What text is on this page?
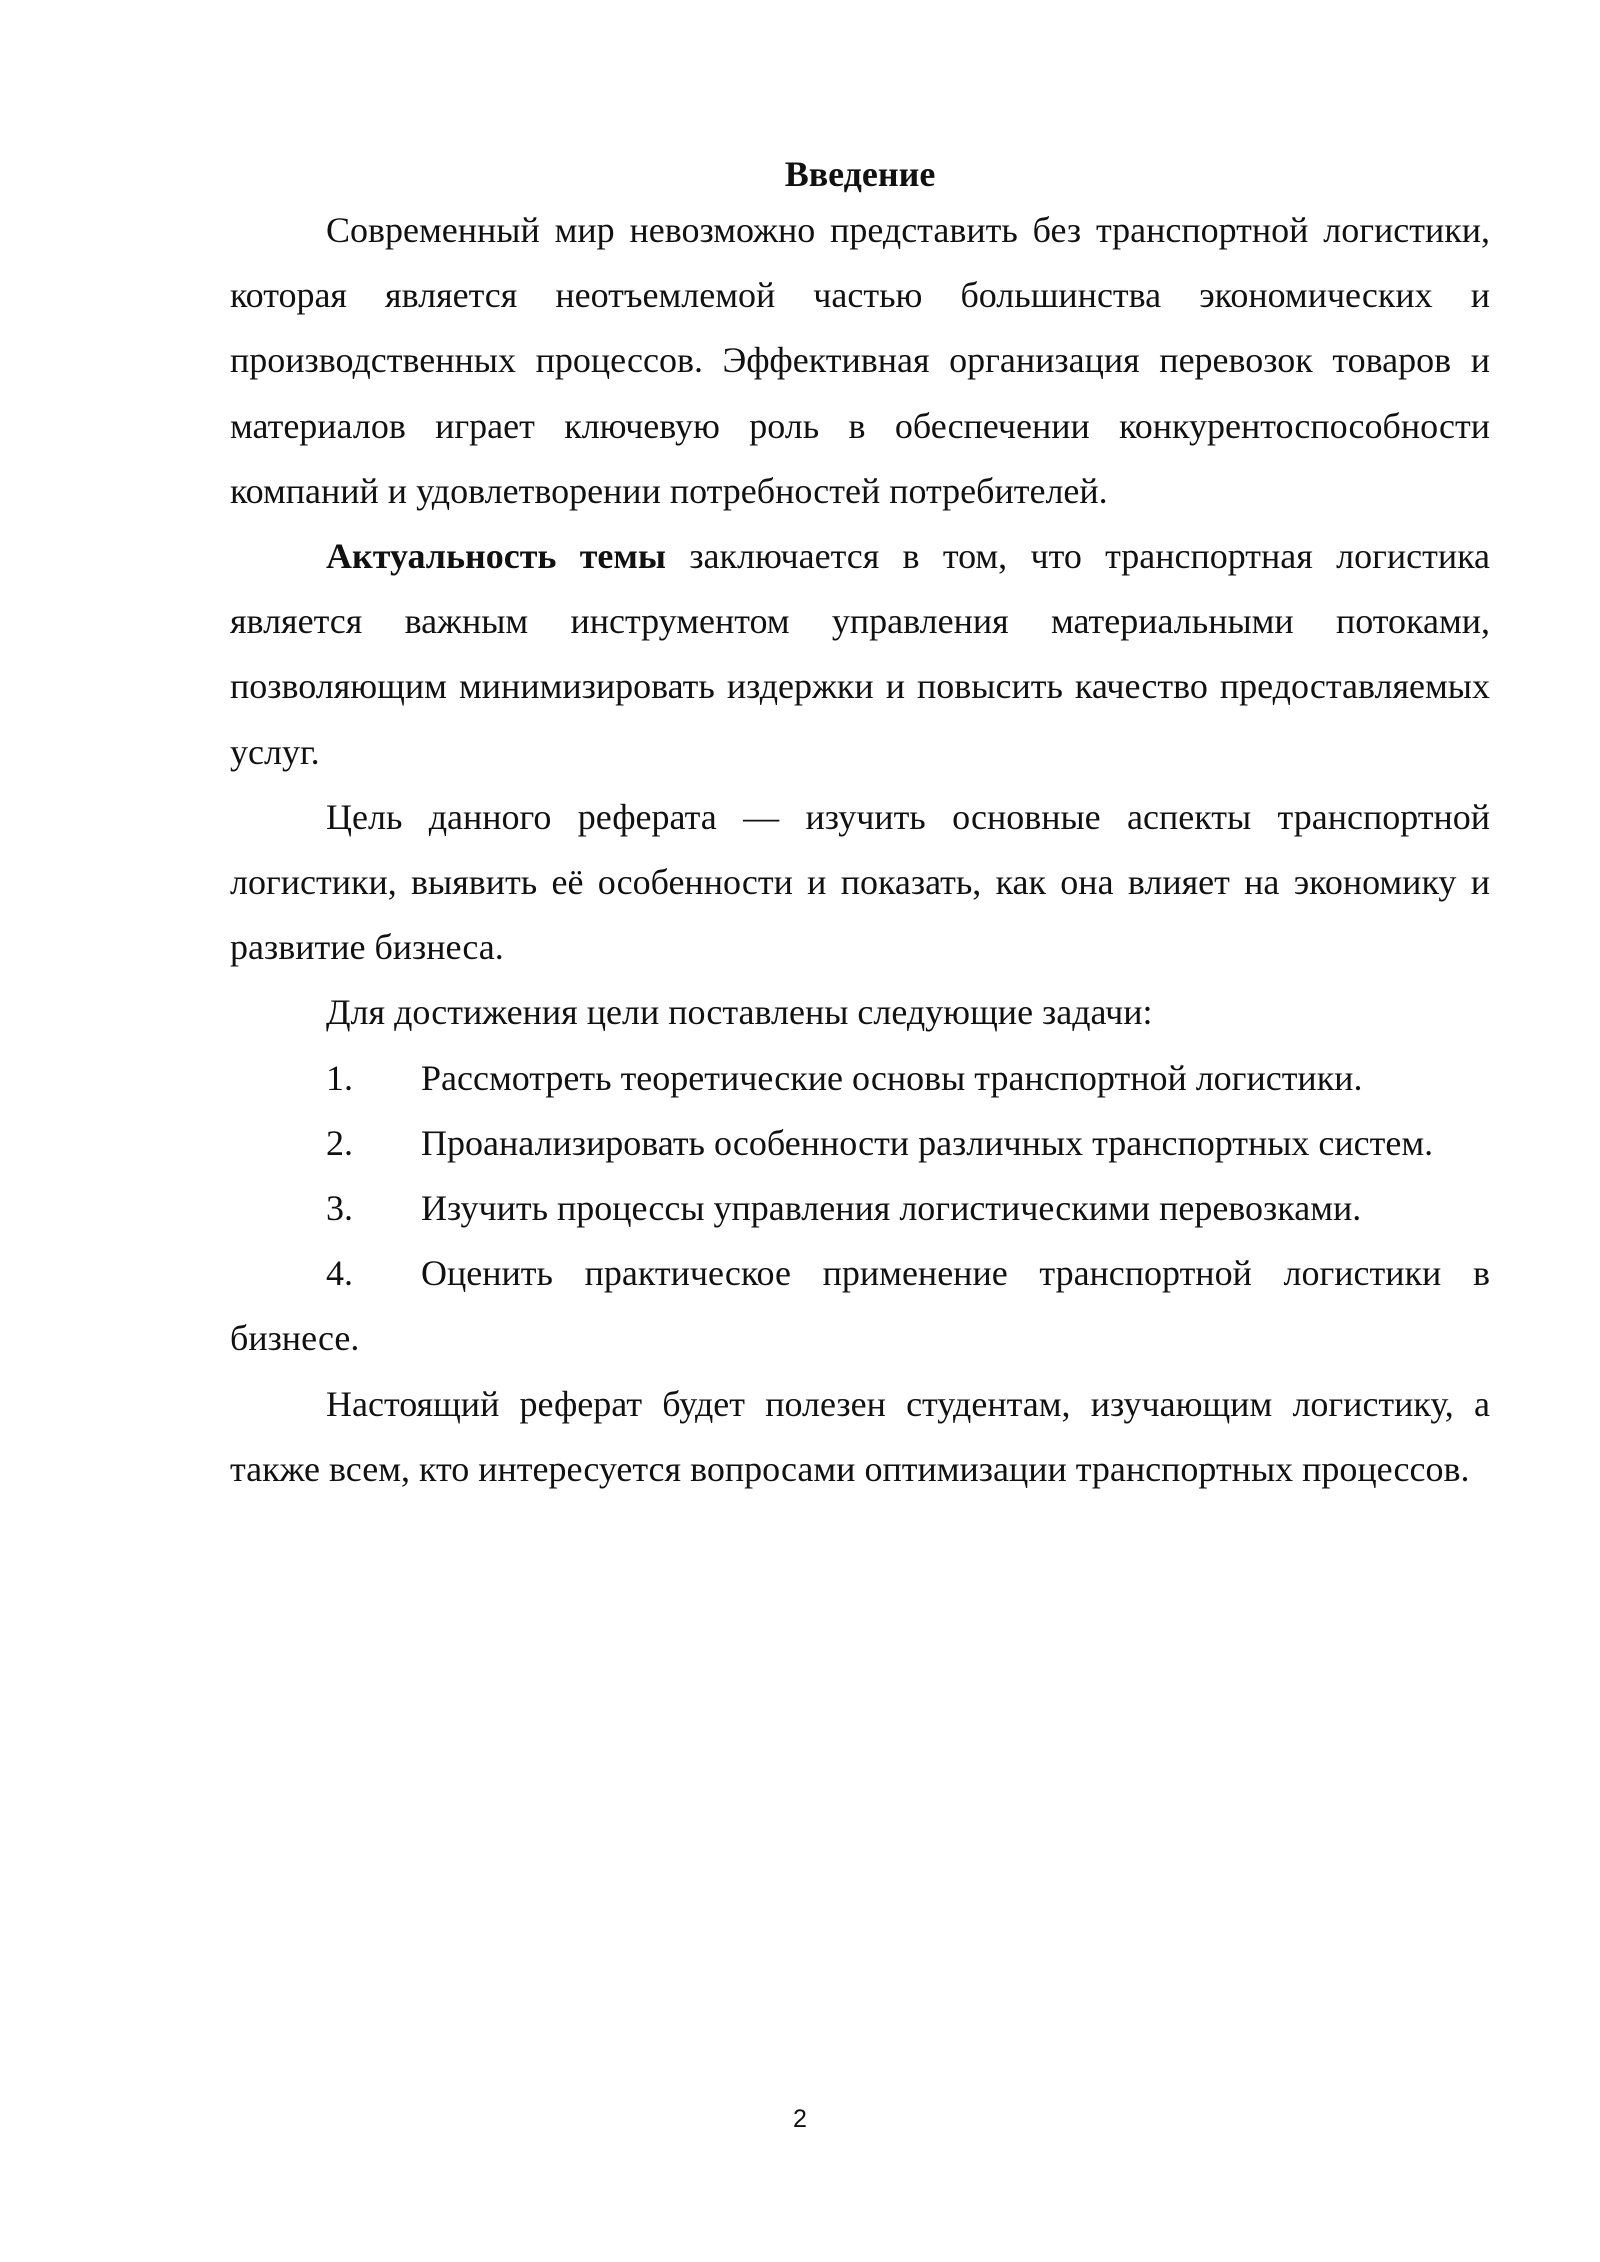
Введение

Современный мир невозможно представить без транспортной логистики, которая является неотъемлемой частью большинства экономических и производственных процессов. Эффективная организация перевозок товаров и материалов играет ключевую роль в обеспечении конкурентоспособности компаний и удовлетворении потребностей потребителей.

Актуальность темы заключается в том, что транспортная логистика является важным инструментом управления материальными потоками, позволяющим минимизировать издержки и повысить качество предоставляемых услуг.

Цель данного реферата — изучить основные аспекты транспортной логистики, выявить её особенности и показать, как она влияет на экономику и развитие бизнеса.

Для достижения цели поставлены следующие задачи:

1. Рассмотреть теоретические основы транспортной логистики.

2. Проанализировать особенности различных транспортных систем.

3. Изучить процессы управления логистическими перевозками.

4. Оценить практическое применение транспортной логистики в бизнесе.

Настоящий реферат будет полезен студентам, изучающим логистику, а также всем, кто интересуется вопросами оптимизации транспортных процессов.

2
